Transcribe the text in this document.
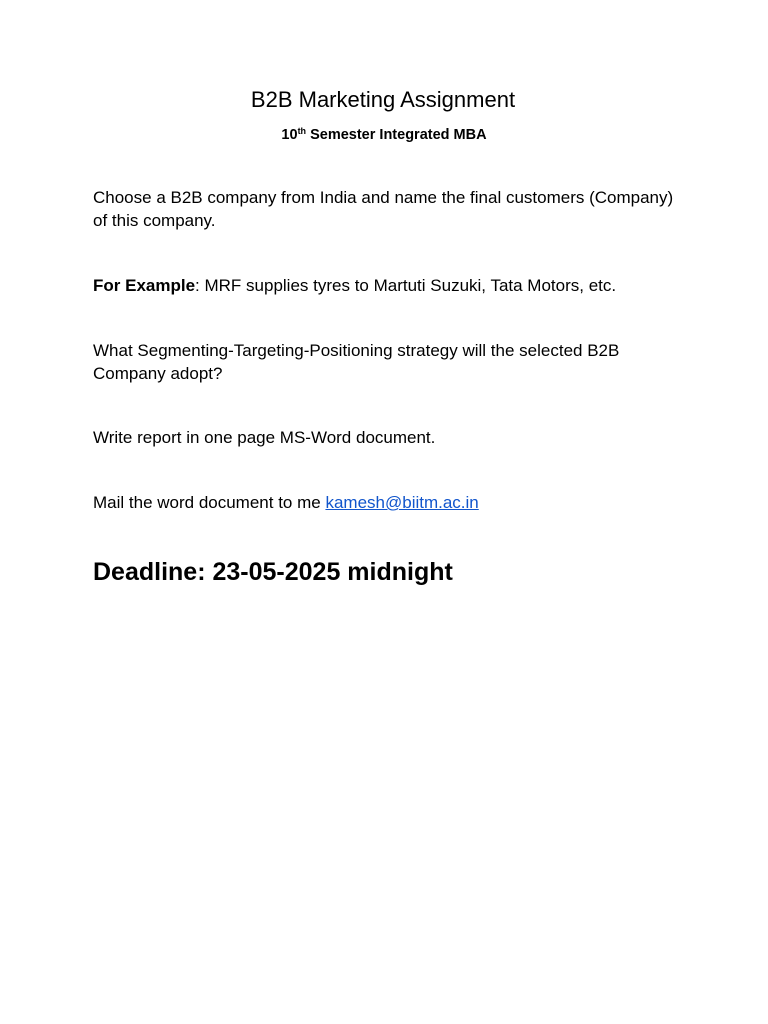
B2B Marketing Assignment

10th Semester Integrated MBA

Choose a B2B company from India and name the final customers (Company) of this company.

For Example: MRF supplies tyres to Martuti Suzuki, Tata Motors, etc.

What Segmenting-Targeting-Positioning strategy will the selected B2B Company adopt?

Write report in one page MS-Word document.

Mail the word document to me kamesh@biitm.ac.in

Deadline: 23-05-2025 midnight
